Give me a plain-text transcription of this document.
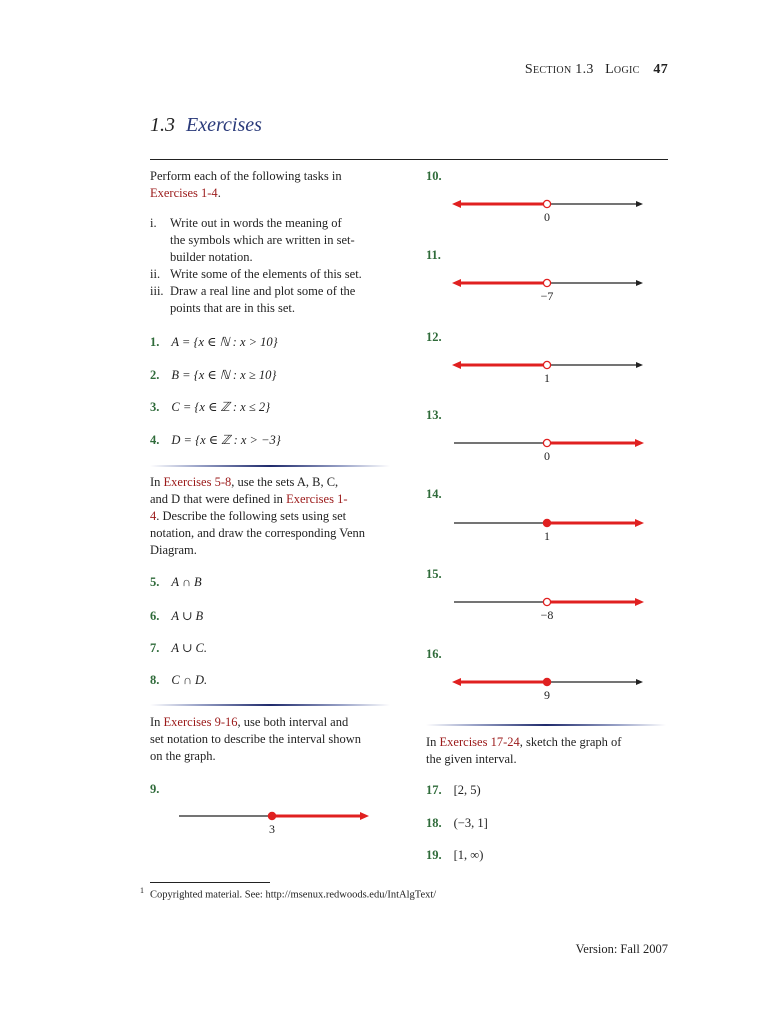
Section 1.3 Logic 47
1.3 Exercises
Perform each of the following tasks in
Exercises 1-4.
i. Write out in words the meaning of
the symbols which are written in set-
builder notation.
ii. Write some of the elements of this set.
iii. Draw a real line and plot some of the
points that are in this set.
1. A = {x ∈ ℕ : x > 10}
2. B = {x ∈ ℕ : x ≥ 10}
3. C = {x ∈ ℤ : x ≤ 2}
4. D = {x ∈ ℤ : x > −3}
In Exercises 5-8, use the sets A, B, C,
and D that were defined in Exercises 1-
4. Describe the following sets using set
notation, and draw the corresponding Venn
Diagram.
5. A ∩ B
6. A ∪ B
7. A ∪ C.
8. C ∩ D.
In Exercises 9-16, use both interval and
set notation to describe the interval shown
on the graph.
9.
3
10.
0
11.
−7
12.
1
13.
0
14.
1
15.
−8
16.
9
In Exercises 17-24, sketch the graph of
the given interval.
17. [2, 5)
18. (−3, 1]
19. [1, ∞)
$^1$ Copyrighted material. See: http://msenux.redwoods.edu/IntAlgText/
Version: Fall 2007
